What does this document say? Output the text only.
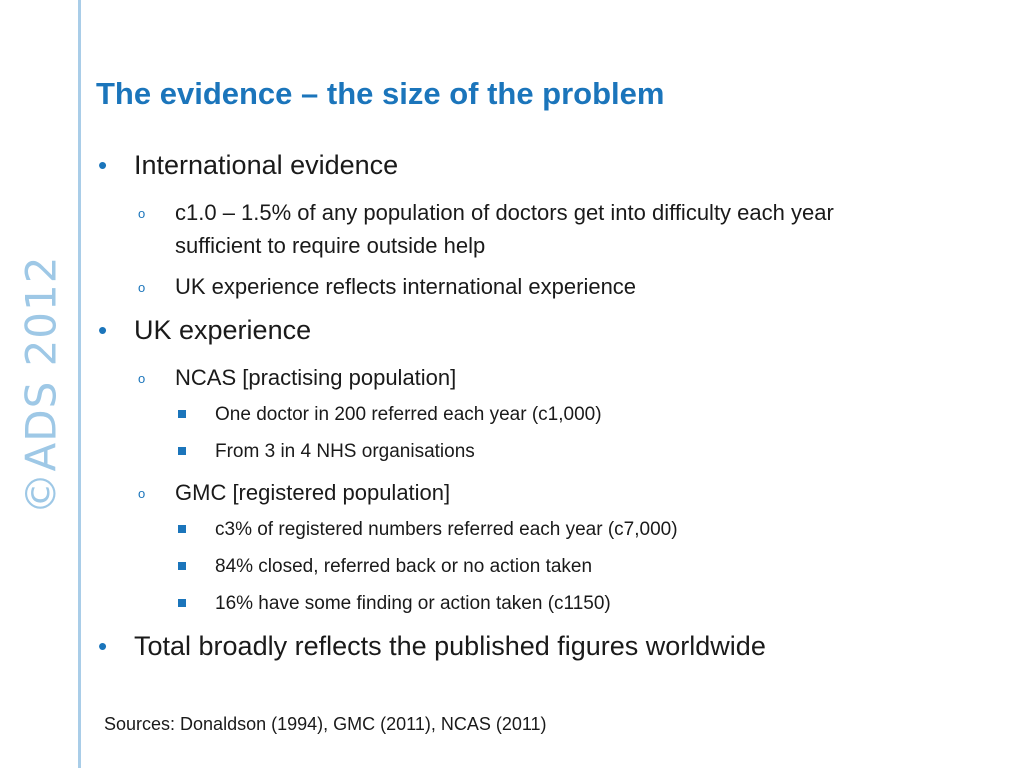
©ADS 2012
The evidence – the size of the problem
• International evidence
o c1.0 – 1.5% of any population of doctors get into difficulty each year
sufficient to require outside help
o UK experience reflects international experience
• UK experience
o NCAS [practising population]
One doctor in 200 referred each year (c1,000)
From 3 in 4 NHS organisations
o GMC [registered population]
c3% of registered numbers referred each year (c7,000)
84% closed, referred back or no action taken
16% have some finding or action taken (c1150)
• Total broadly reflects the published figures worldwide
Sources: Donaldson (1994), GMC (2011), NCAS (2011)
